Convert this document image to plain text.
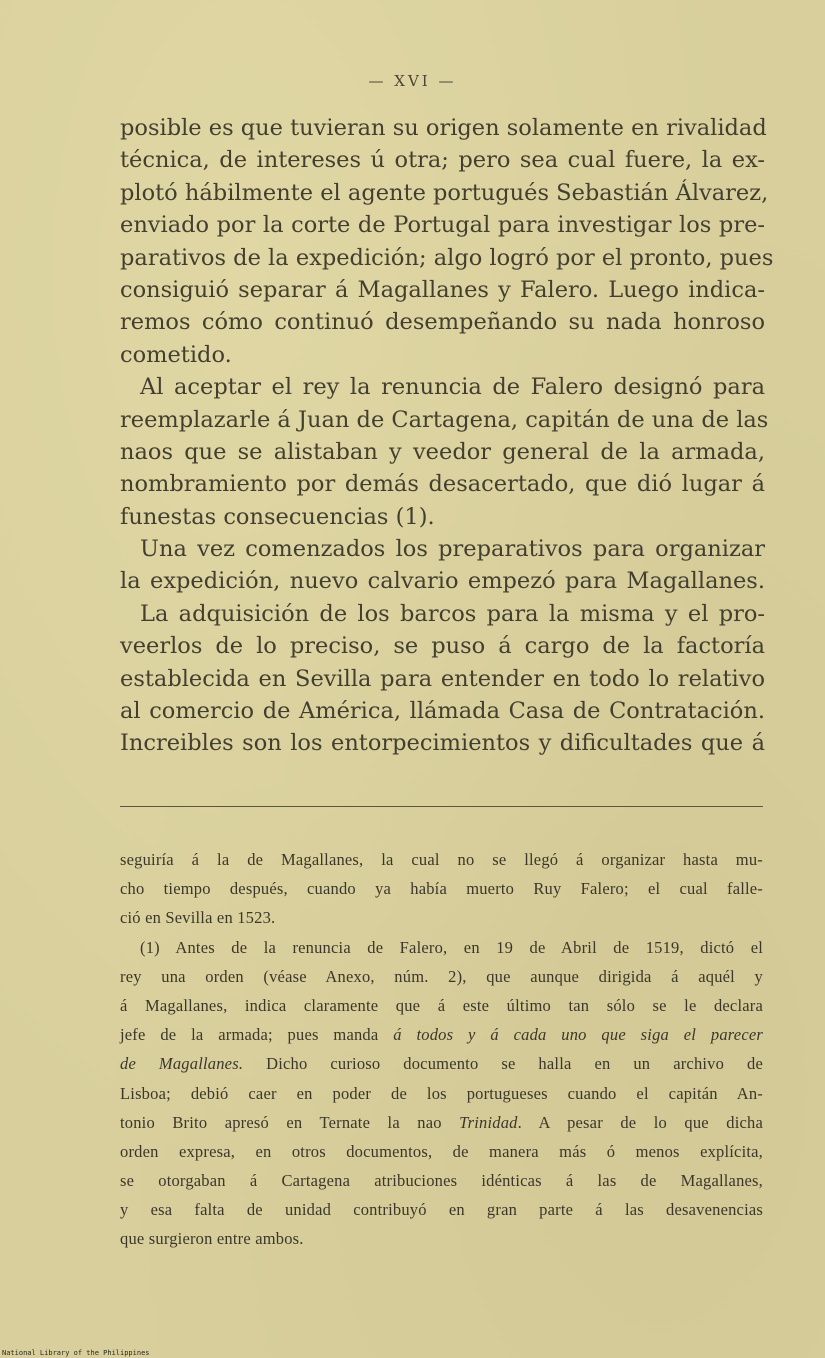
— XVI —
posible es que tuvieran su origen solamente en rivalidad
técnica, de intereses ú otra; pero sea cual fuere, la ex-
plotó hábilmente el agente portugués Sebastián Álvarez,
enviado por la corte de Portugal para investigar los pre-
parativos de la expedición; algo logró por el pronto, pues
consiguió separar á Magallanes y Falero. Luego indica-
remos cómo continuó desempeñando su nada honroso
cometido.
Al aceptar el rey la renuncia de Falero designó para
reemplazarle á Juan de Cartagena, capitán de una de las
naos que se alistaban y veedor general de la armada,
nombramiento por demás desacertado, que dió lugar á
funestas consecuencias (1).
Una vez comenzados los preparativos para organizar
la expedición, nuevo calvario empezó para Magallanes.
La adquisición de los barcos para la misma y el pro-
veerlos de lo preciso, se puso á cargo de la factoría
establecida en Sevilla para entender en todo lo relativo
al comercio de América, llámada Casa de Contratación.
Increibles son los entorpecimientos y dificultades que á
seguiría á la de Magallanes, la cual no se llegó á organizar hasta mu-
cho tiempo después, cuando ya había muerto Ruy Falero; el cual falle-
ció en Sevilla en 1523.
(1) Antes de la renuncia de Falero, en 19 de Abril de 1519, dictó el
rey una orden (véase Anexo, núm. 2), que aunque dirigida á aquél y
á Magallanes, indica claramente que á este último tan sólo se le declara
jefe de la armada; pues manda á todos y á cada uno que siga el parecer
de Magallanes. Dicho curioso documento se halla en un archivo de
Lisboa; debió caer en poder de los portugueses cuando el capitán An-
tonio Brito apresó en Ternate la nao Trinidad. A pesar de lo que dicha
orden expresa, en otros documentos, de manera más ó menos explícita,
se otorgaban á Cartagena atribuciones idénticas á las de Magallanes,
y esa falta de unidad contribuyó en gran parte á las desavenencias
que surgieron entre ambos.
National Library of the Philippines
